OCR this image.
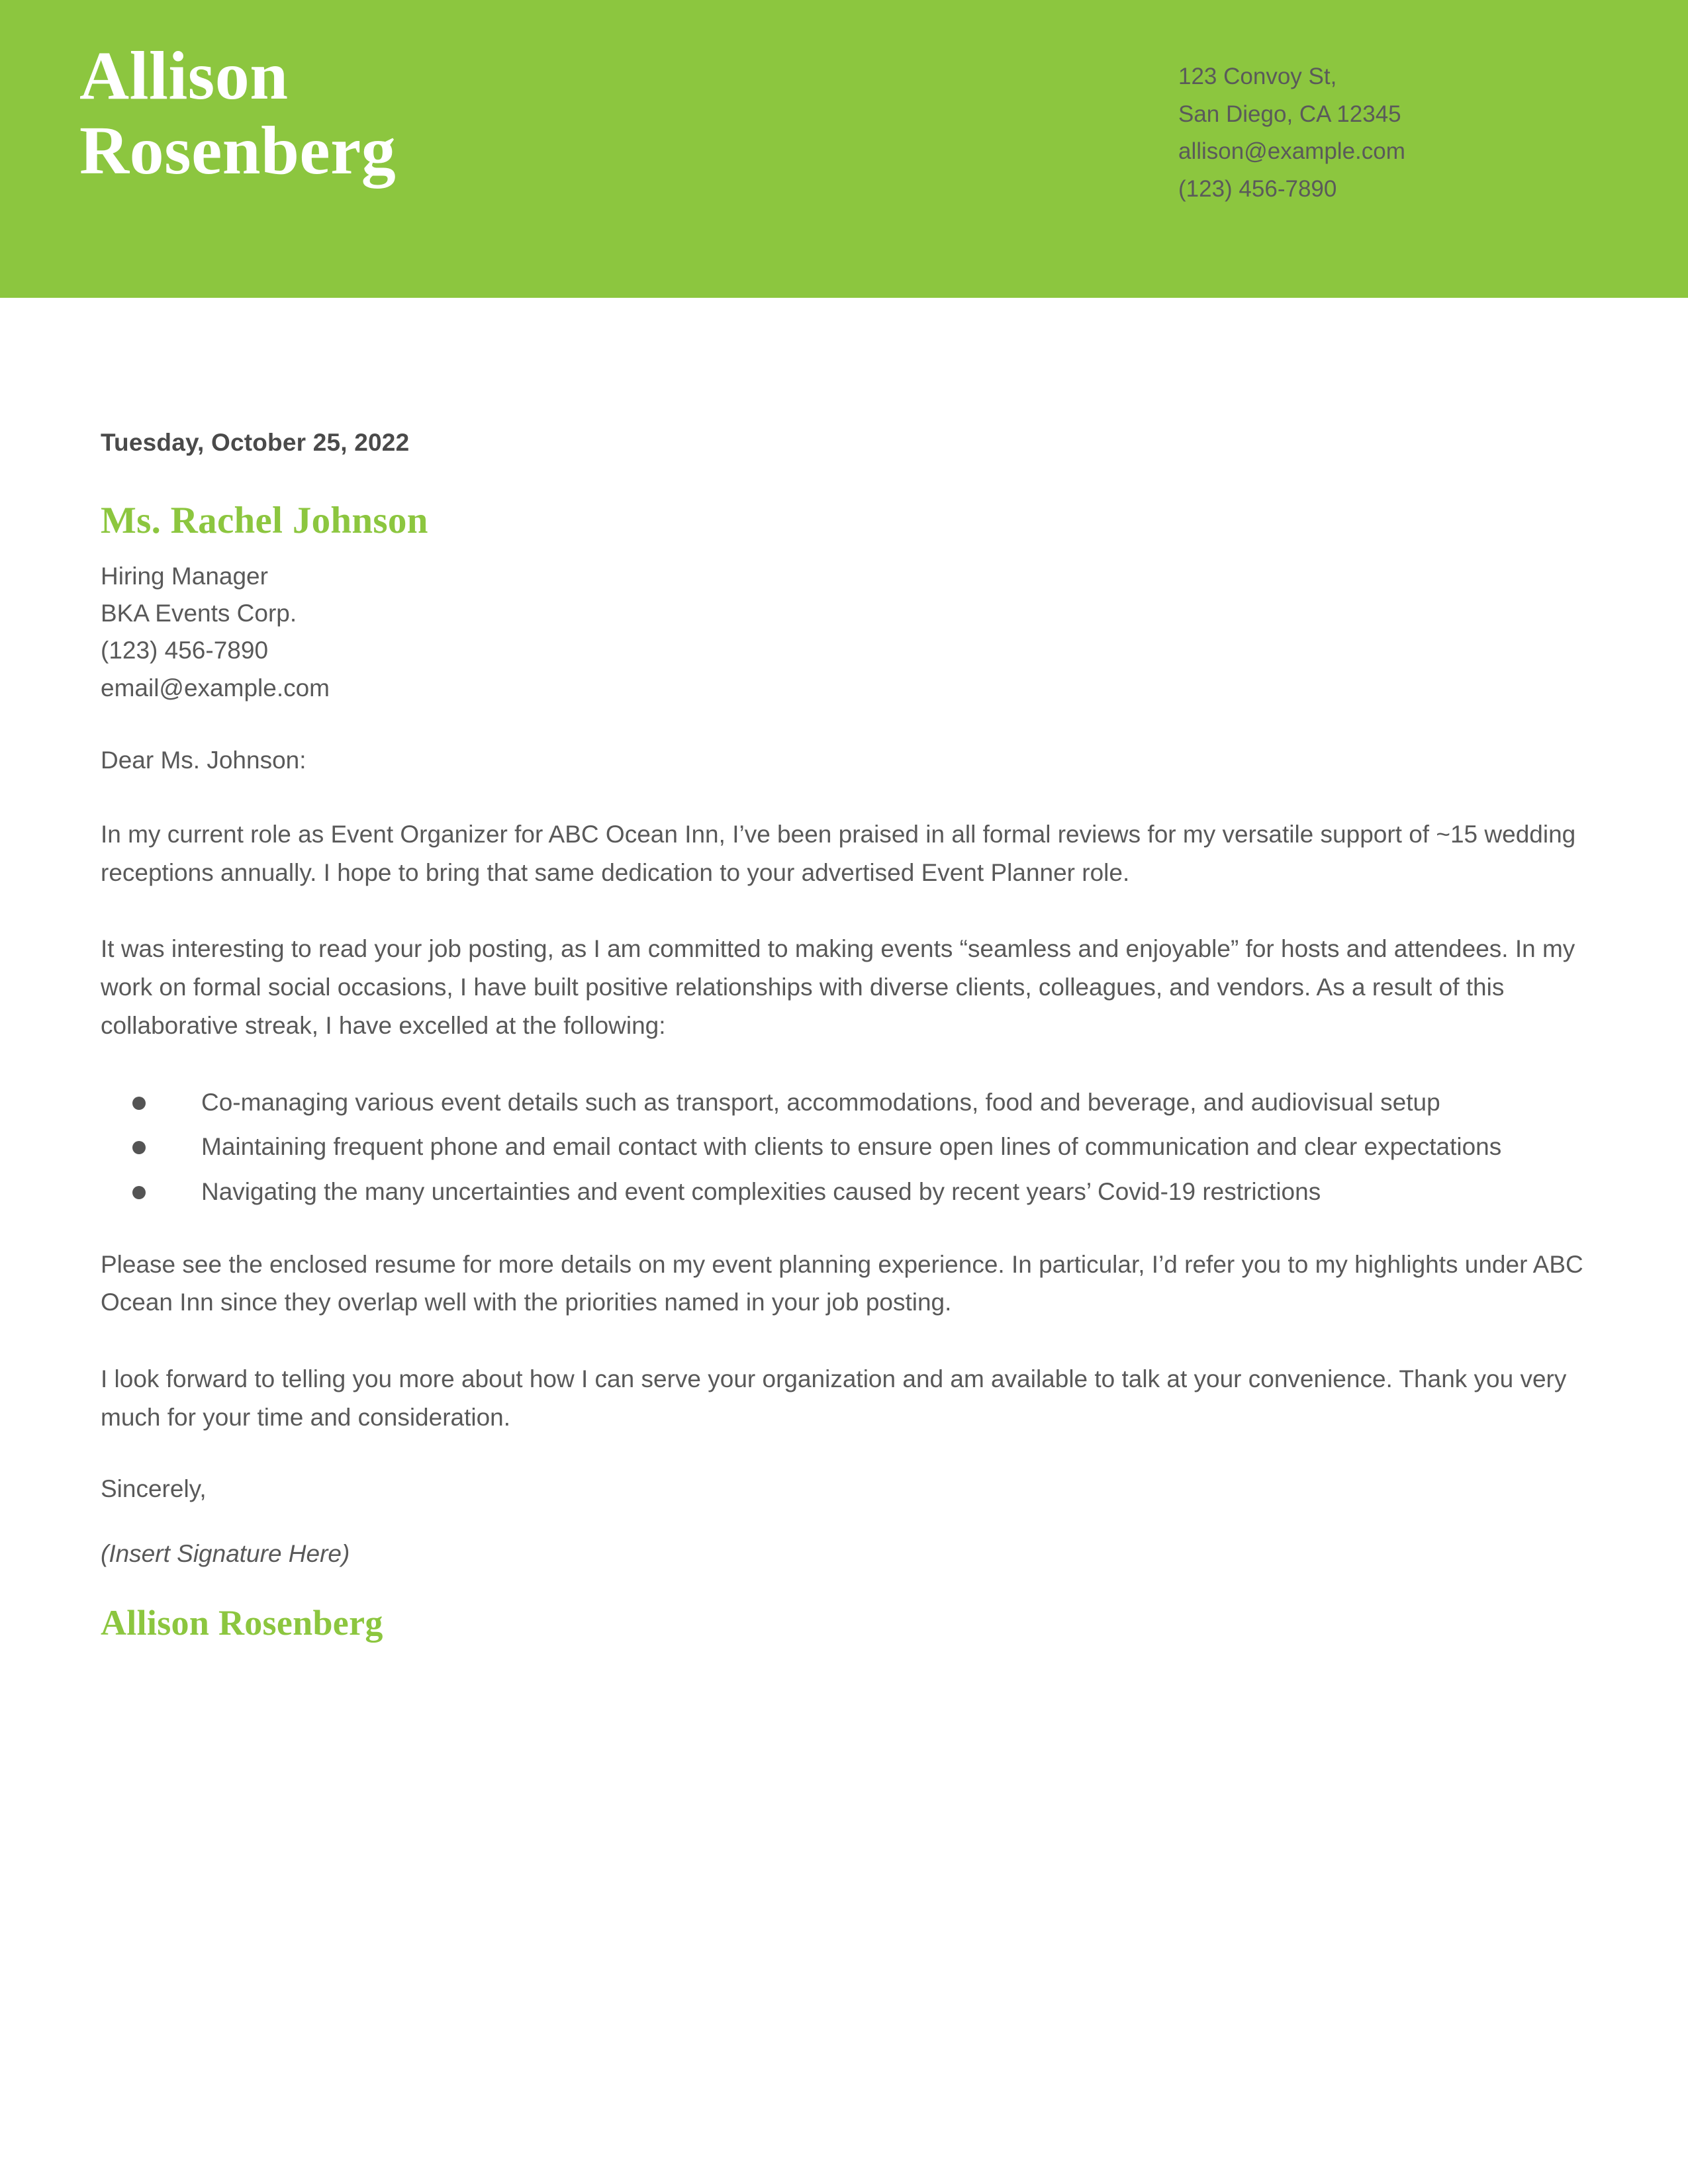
Allison
Rosenberg
123 Convoy St,
San Diego, CA 12345
allison@example.com
(123) 456-7890
Tuesday, October 25, 2022
Ms. Rachel Johnson
Hiring Manager
BKA Events Corp.
(123) 456-7890
email@example.com
Dear Ms. Johnson:

In my current role as Event Organizer for ABC Ocean Inn, I’ve been praised in all formal reviews for my versatile support of ~15 wedding receptions annually. I hope to bring that same dedication to your advertised Event Planner role.

It was interesting to read your job posting, as I am committed to making events “seamless and enjoyable” for hosts and attendees. In my work on formal social occasions, I have built positive relationships with diverse clients, colleagues, and vendors. As a result of this collaborative streak, I have excelled at the following:

Co-managing various event details such as transport, accommodations, food and beverage, and audiovisual setup
Maintaining frequent phone and email contact with clients to ensure open lines of communication and clear expectations
Navigating the many uncertainties and event complexities caused by recent years’ Covid-19 restrictions

Please see the enclosed resume for more details on my event planning experience. In particular, I’d refer you to my highlights under ABC Ocean Inn since they overlap well with the priorities named in your job posting.

I look forward to telling you more about how I can serve your organization and am available to talk at your convenience. Thank you very much for your time and consideration.

Sincerely,
(Insert Signature Here)
Allison Rosenberg
